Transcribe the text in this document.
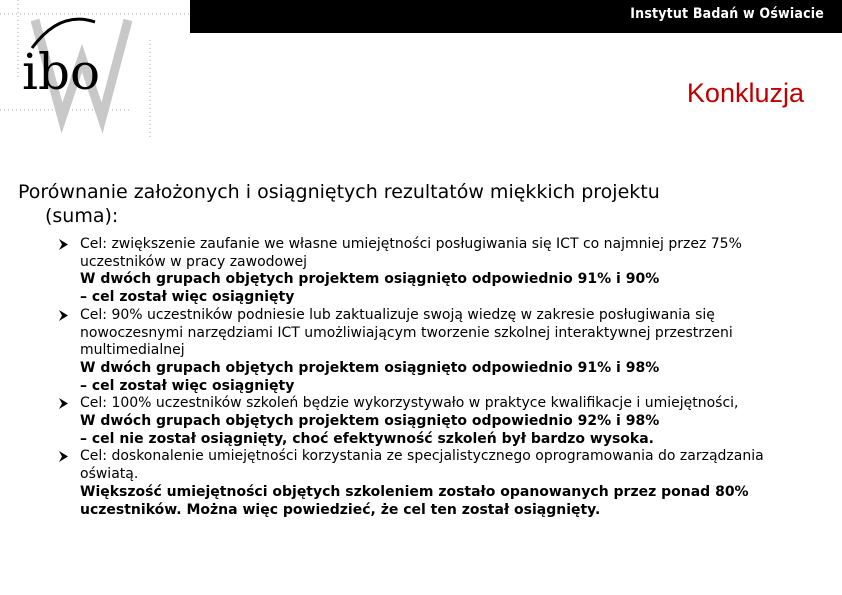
Instytut Badań w Oświacie
ibo	Konkluzja
Porównanie założonych i osiągniętych rezultatów miękkich projektu
(suma):
Cel: zwiększenie zaufanie we własne umiejętności posługiwania się ICT co najmniej przez 75% uczestników w pracy zawodowej
W dwóch grupach objętych projektem osiągnięto odpowiednio 91% i 90%
– cel został więc osiągnięty
Cel: 90% uczestników podniesie lub zaktualizuje swoją wiedzę w zakresie posługiwania się nowoczesnymi narzędziami ICT umożliwiającym tworzenie szkolnej interaktywnej przestrzeni multimedialnej
W dwóch grupach objętych projektem osiągnięto odpowiednio 91% i 98%
– cel został więc osiągnięty
Cel: 100% uczestników szkoleń będzie wykorzystywało w praktyce kwalifikacje i umiejętności,
W dwóch grupach objętych projektem osiągnięto odpowiednio 92% i 98%
– cel nie został osiągnięty, choć efektywność szkoleń był bardzo wysoka.
Cel: doskonalenie umiejętności korzystania ze specjalistycznego oprogramowania do zarządzania oświatą.
Większość umiejętności objętych szkoleniem zostało opanowanych przez ponad 80% uczestników. Można więc powiedzieć, że cel ten został osiągnięty.
